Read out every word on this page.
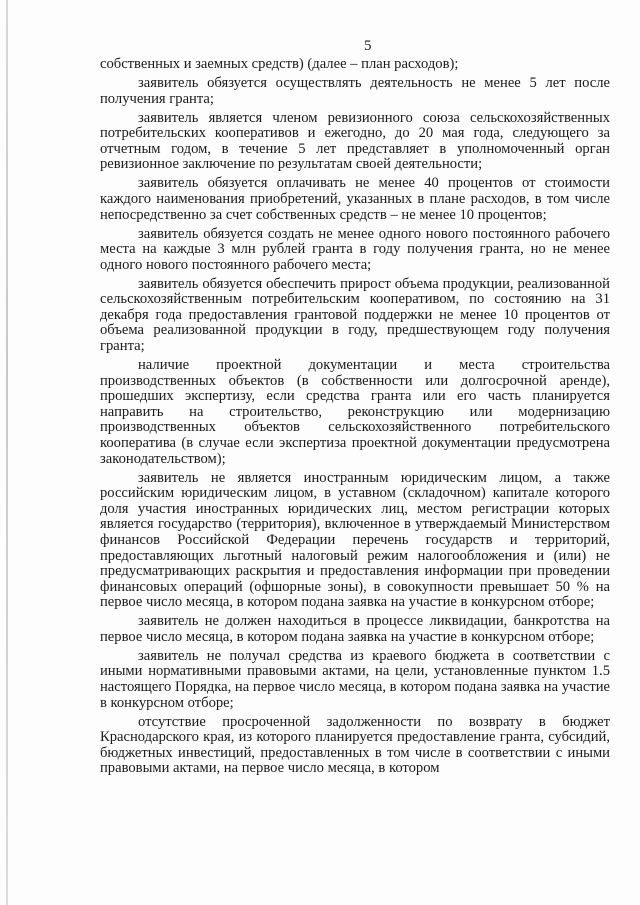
5

собственных и заемных средств) (далее – план расходов);

заявитель обязуется осуществлять деятельность не менее 5 лет после получения гранта;

заявитель является членом ревизионного союза сельскохозяйственных потребительских кооперативов и ежегодно, до 20 мая года, следующего за отчетным годом, в течение 5 лет представляет в уполномоченный орган ревизионное заключение по результатам своей деятельности;

заявитель обязуется оплачивать не менее 40 процентов от стоимости каждого наименования приобретений, указанных в плане расходов, в том числе непосредственно за счет собственных средств – не менее 10 процентов;

заявитель обязуется создать не менее одного нового постоянного рабочего места на каждые 3 млн рублей гранта в году получения гранта, но не менее одного нового постоянного рабочего места;

заявитель обязуется обеспечить прирост объема продукции, реализованной сельскохозяйственным потребительским кооперативом, по состоянию на 31 декабря года предоставления грантовой поддержки не менее 10 процентов от объема реализованной продукции в году, предшествующем году получения гранта;

наличие проектной документации и места строительства производственных объектов (в собственности или долгосрочной аренде), прошедших экспертизу, если средства гранта или его часть планируется направить на строительство, реконструкцию или модернизацию производственных объектов сельскохозяйственного потребительского кооператива (в случае если экспертиза проектной документации предусмотрена законодательством);

заявитель не является иностранным юридическим лицом, а также российским юридическим лицом, в уставном (складочном) капитале которого доля участия иностранных юридических лиц, местом регистрации которых является государство (территория), включенное в утверждаемый Министерством финансов Российской Федерации перечень государств и территорий, предоставляющих льготный налоговый режим налогообложения и (или) не предусматривающих раскрытия и предоставления информации при проведении финансовых операций (офшорные зоны), в совокупности превышает 50 % на первое число месяца, в котором подана заявка на участие в конкурсном отборе;

заявитель не должен находиться в процессе ликвидации, банкротства на первое число месяца, в котором подана заявка на участие в конкурсном отборе;

заявитель не получал средства из краевого бюджета в соответствии с иными нормативными правовыми актами, на цели, установленные пунктом 1.5 настоящего Порядка, на первое число месяца, в котором подана заявка на участие в конкурсном отборе;

отсутствие просроченной задолженности по возврату в бюджет Краснодарского края, из которого планируется предоставление гранта, субсидий, бюджетных инвестиций, предоставленных в том числе в соответствии с иными правовыми актами, на первое число месяца, в котором
